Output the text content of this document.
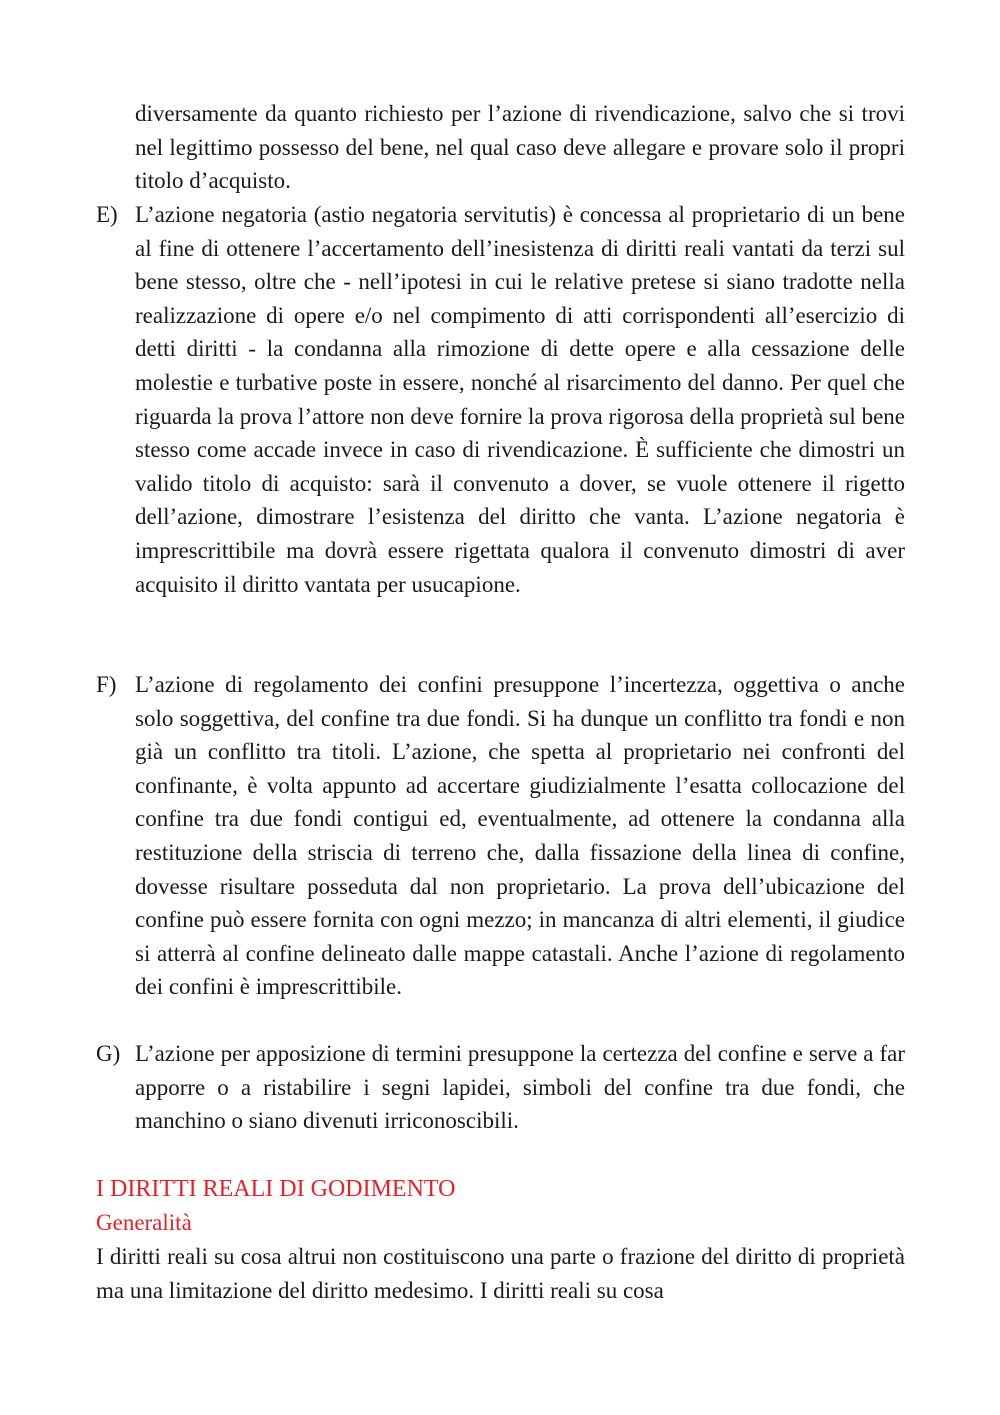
diversamente da quanto richiesto per l’azione di rivendicazione, salvo che si trovi nel legittimo possesso del bene, nel qual caso deve allegare e provare solo il propri titolo d’acquisto.

E) L’azione negatoria (astio negatoria servitutis) è concessa al proprietario di un bene al fine di ottenere l’accertamento dell’inesistenza di diritti reali vantati da terzi sul bene stesso, oltre che - nell’ipotesi in cui le relative pretese si siano tradotte nella realizzazione di opere e/o nel compimento di atti corrispondenti all’esercizio di detti diritti - la condanna alla rimozione di dette opere e alla cessazione delle molestie e turbative poste in essere, nonché al risarcimento del danno. Per quel che riguarda la prova l’attore non deve fornire la prova rigorosa della proprietà sul bene stesso come accade invece in caso di rivendicazione. È sufficiente che dimostri un valido titolo di acquisto: sarà il convenuto a dover, se vuole ottenere il rigetto dell’azione, dimostrare l’esistenza del diritto che vanta. L’azione negatoria è imprescrittibile ma dovrà essere rigettata qualora il convenuto dimostri di aver acquisito il diritto vantata per usucapione.
F) L’azione di regolamento dei confini presuppone l’incertezza, oggettiva o anche solo soggettiva, del confine tra due fondi. Si ha dunque un conflitto tra fondi e non già un conflitto tra titoli. L’azione, che spetta al proprietario nei confronti del confinante, è volta appunto ad accertare giudizialmente l’esatta collocazione del confine tra due fondi contigui ed, eventualmente, ad ottenere la condanna alla restituzione della striscia di terreno che, dalla fissazione della linea di confine, dovesse risultare posseduta dal non proprietario. La prova dell’ubicazione del confine può essere fornita con ogni mezzo; in mancanza di altri elementi, il giudice si atterrà al confine delineato dalle mappe catastali. Anche l’azione di regolamento dei confini è imprescrittibile.
G) L’azione per apposizione di termini presuppone la certezza del confine e serve a far apporre o a ristabilire i segni lapidei, simboli del confine tra due fondi, che manchino o siano divenuti irriconoscibili.
I DIRITTI REALI DI GODIMENTO
Generalità

I diritti reali su cosa altrui non costituiscono una parte o frazione del diritto di proprietà ma una limitazione del diritto medesimo. I diritti reali su cosa
